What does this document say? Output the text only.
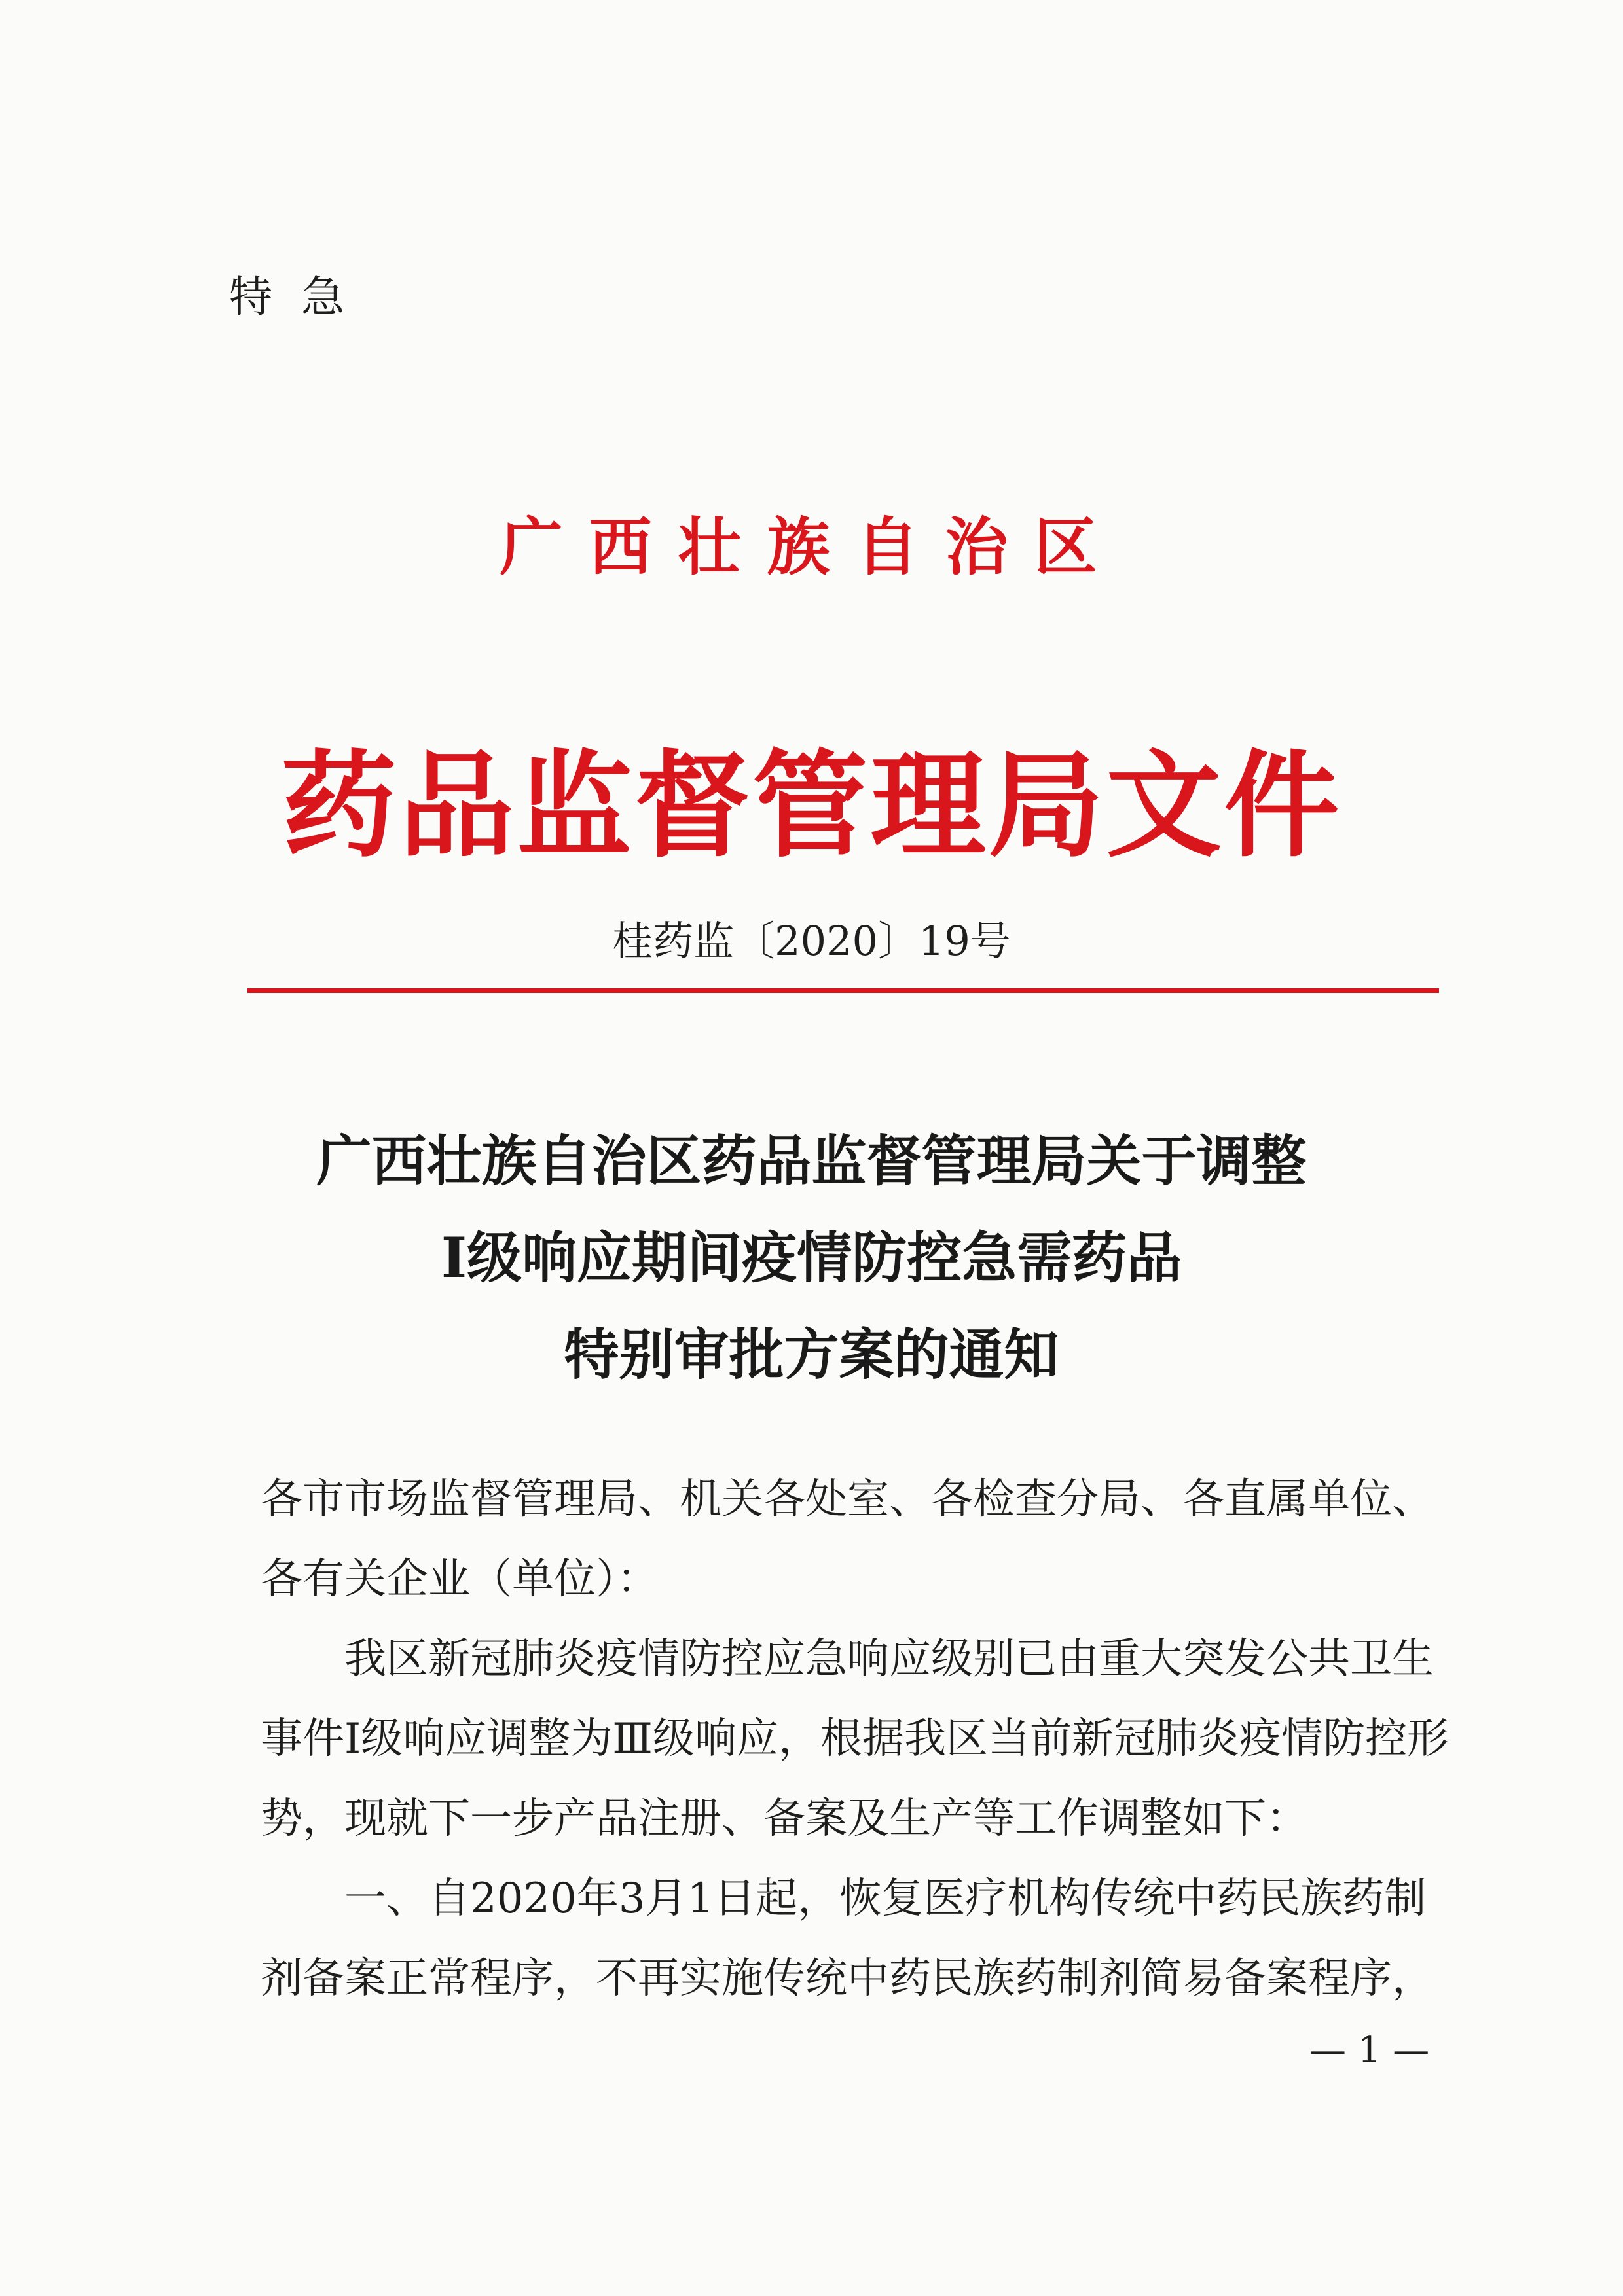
特急
广西壮族自治区
药品监督管理局文件
桂药监〔2020〕19号
广西壮族自治区药品监督管理局关于调整
Ⅰ级响应期间疫情防控急需药品
特别审批方案的通知

各市市场监督管理局、机关各处室、各检查分局、各直属单位、各有关企业（单位）：

我区新冠肺炎疫情防控应急响应级别已由重大突发公共卫生事件Ⅰ级响应调整为Ⅲ级响应，根据我区当前新冠肺炎疫情防控形势，现就下一步产品注册、备案及生产等工作调整如下：

一、自2020年3月1日起，恢复医疗机构传统中药民族药制剂备案正常程序，不再实施传统中药民族药制剂简易备案程序，

— 1 —
